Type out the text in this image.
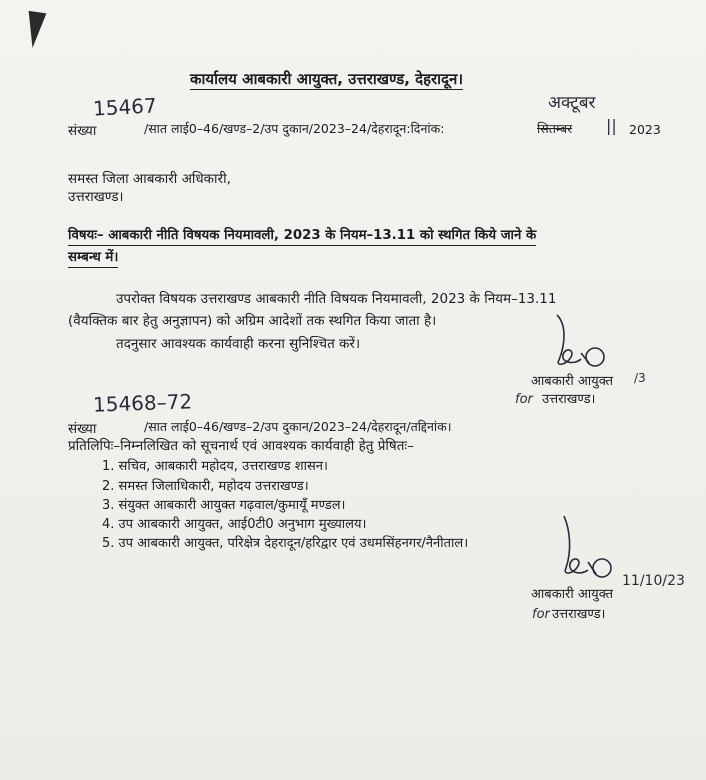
कार्यालय आबकारी आयुक्त, उत्तराखण्ड, देहरादून।
15467	अक्टूबर
संख्या	/सात लाई0–46/खण्ड–2/उप दुकान/2023–24/देहरादून:दिनांक:	सितम्बर || 2023
समस्त जिला आबकारी अधिकारी,
उत्तराखण्ड।
विषयः– आबकारी नीति विषयक नियमावली, 2023 के नियम–13.11 को स्थगित किये जाने के
सम्बन्ध में।
उपरोक्त विषयक उत्तराखण्ड आबकारी नीति विषयक नियमावली, 2023 के नियम–13.11
(वैयक्तिक बार हेतु अनुज्ञापन) को अग्रिम आदेशों तक स्थगित किया जाता है।
तदनुसार आवश्यक कार्यवाही करना सुनिश्चित करें।
आबकारी आयुक्त /3
for उत्तराखण्ड।
15468–72
संख्या	/सात लाई0–46/खण्ड–2/उप दुकान/2023–24/देहरादून/तद्दिनांक।
प्रतिलिपिः–निम्नलिखित को सूचनार्थ एवं आवश्यक कार्यवाही हेतु प्रेषितः–
1. सचिव, आबकारी महोदय, उत्तराखण्ड शासन।
2. समस्त जिलाधिकारी, महोदय उत्तराखण्ड।
3. संयुक्त आबकारी आयुक्त गढ़वाल/कुमायूँ मण्डल।
4. उप आबकारी आयुक्त, आई0टी0 अनुभाग मुख्यालय।
5. उप आबकारी आयुक्त, परिक्षेत्र देहरादून/हरिद्वार एवं उधमसिंहनगर/नैनीताल।
11/10/23
आबकारी आयुक्त
for उत्तराखण्ड।
